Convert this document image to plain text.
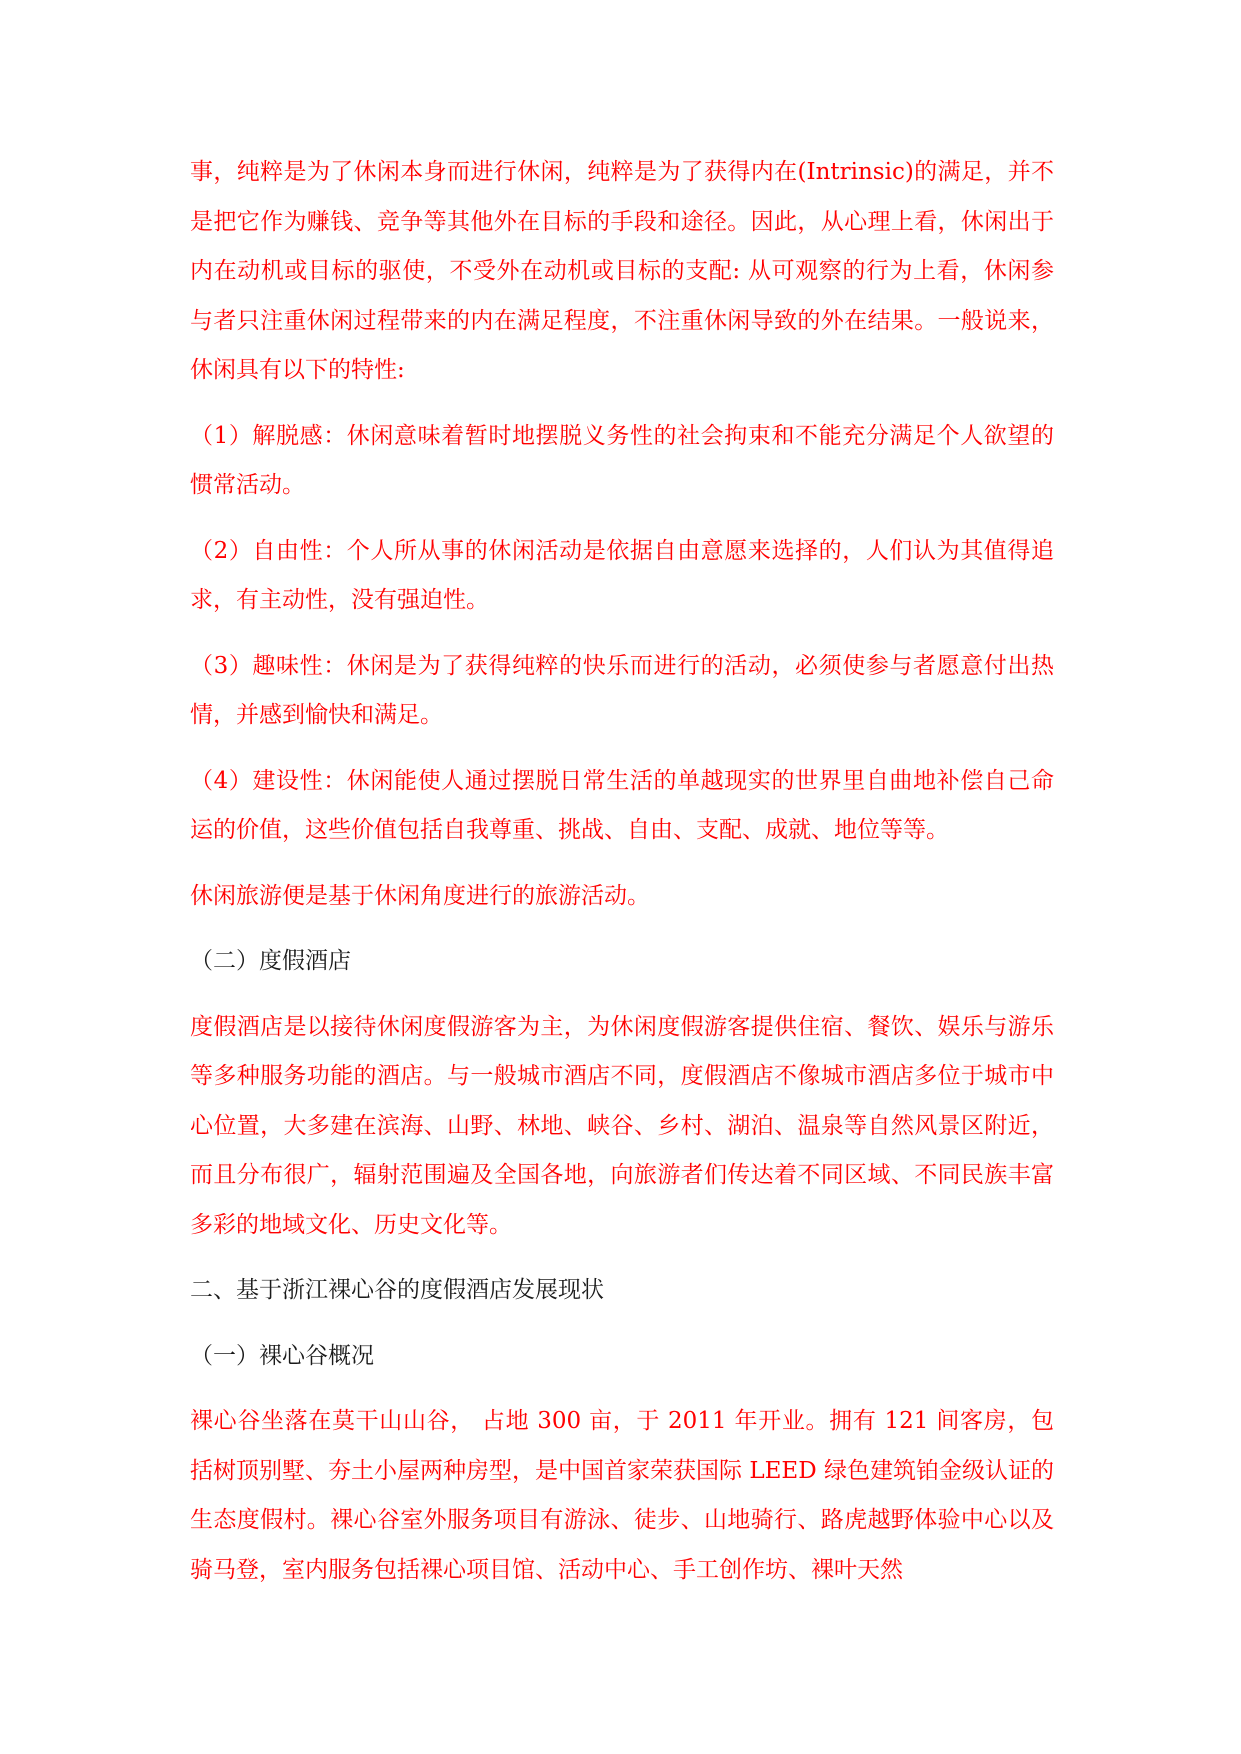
事，纯粹是为了休闲本身而进行休闲，纯粹是为了获得内在(Intrinsic)的满足，并不是把它作为赚钱、竞争等其他外在目标的手段和途径。因此，从心理上看，休闲出于内在动机或目标的驱使，不受外在动机或目标的支配: 从可观察的行为上看，休闲参与者只注重休闲过程带来的内在满足程度，不注重休闲导致的外在结果。一般说来，休闲具有以下的特性:

（1）解脱感：休闲意味着暂时地摆脱义务性的社会拘束和不能充分满足个人欲望的惯常活动。

（2）自由性：个人所从事的休闲活动是依据自由意愿来选择的，人们认为其值得追求，有主动性，没有强迫性。

（3）趣味性：休闲是为了获得纯粹的快乐而进行的活动，必须使参与者愿意付出热情，并感到愉快和满足。

（4）建设性：休闲能使人通过摆脱日常生活的单越现实的世界里自曲地补偿自己命运的价值，这些价值包括自我尊重、挑战、自由、支配、成就、地位等等。

休闲旅游便是基于休闲角度进行的旅游活动。

（二）度假酒店

度假酒店是以接待休闲度假游客为主，为休闲度假游客提供住宿、餐饮、娱乐与游乐等多种服务功能的酒店。与一般城市酒店不同，度假酒店不像城市酒店多位于城市中心位置，大多建在滨海、山野、林地、峡谷、乡村、湖泊、温泉等自然风景区附近，而且分布很广，辐射范围遍及全国各地，向旅游者们传达着不同区域、不同民族丰富多彩的地域文化、历史文化等。

二、基于浙江裸心谷的度假酒店发展现状

（一）裸心谷概况

裸心谷坐落在莫干山山谷， 占地 300 亩，于 2011 年开业。拥有 121 间客房，包括树顶别墅、夯土小屋两种房型，是中国首家荣获国际 LEED 绿色建筑铂金级认证的生态度假村。裸心谷室外服务项目有游泳、徒步、山地骑行、路虎越野体验中心以及骑马登，室内服务包括裸心项目馆、活动中心、手工创作坊、裸叶天然
